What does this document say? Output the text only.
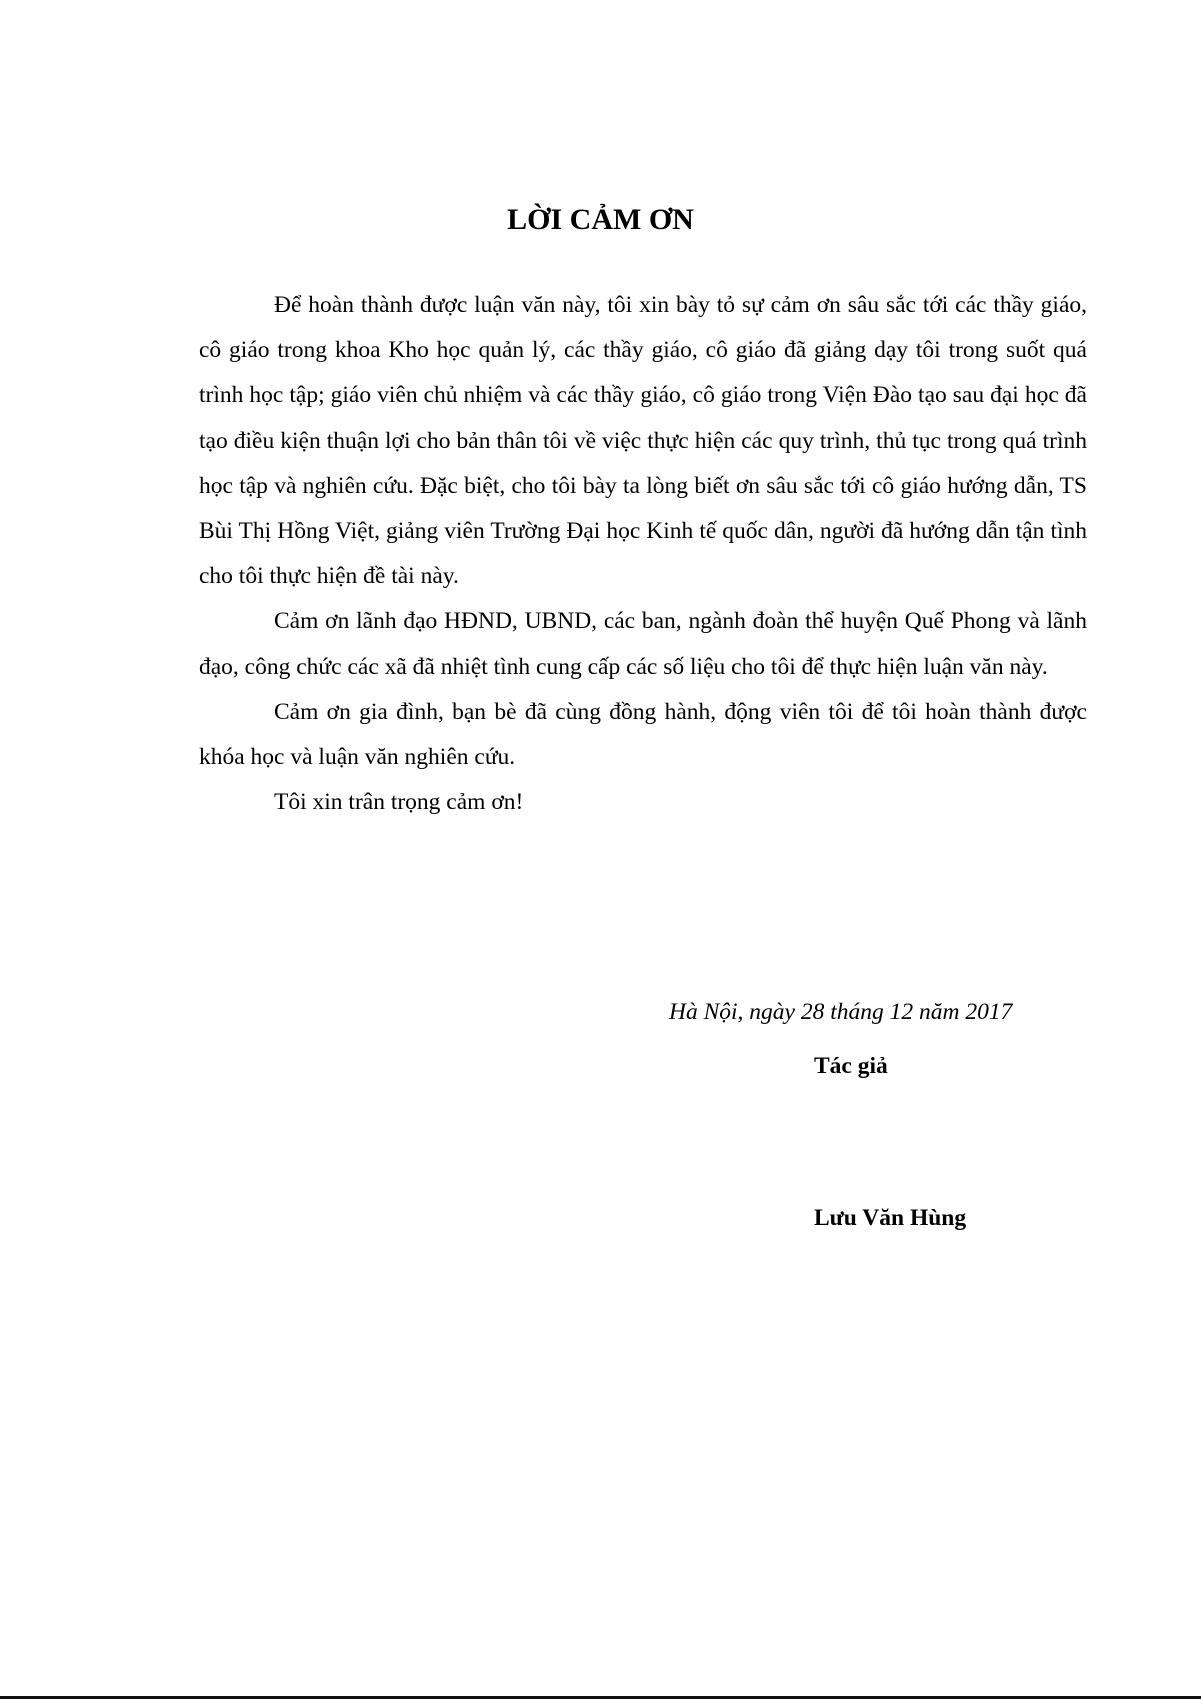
LỜI CẢM ƠN

Để hoàn thành được luận văn này, tôi xin bày tỏ sự cảm ơn sâu sắc tới các thầy giáo, cô giáo trong khoa Kho học quản lý, các thầy giáo, cô giáo đã giảng dạy tôi trong suốt quá trình học tập; giáo viên chủ nhiệm và các thầy giáo, cô giáo trong Viện Đào tạo sau đại học đã tạo điều kiện thuận lợi cho bản thân tôi về việc thực hiện các quy trình, thủ tục trong quá trình học tập và nghiên cứu. Đặc biệt, cho tôi bày ta lòng biết ơn sâu sắc tới cô giáo hướng dẫn, TS Bùi Thị Hồng Việt, giảng viên Trường Đại học Kinh tế quốc dân, người đã hướng dẫn tận tình cho tôi thực hiện đề tài này.

Cảm ơn lãnh đạo HĐND, UBND, các ban, ngành đoàn thể huyện Quế Phong và lãnh đạo, công chức các xã đã nhiệt tình cung cấp các số liệu cho tôi để thực hiện luận văn này.

Cảm ơn gia đình, bạn bè đã cùng đồng hành, động viên tôi để tôi hoàn thành được khóa học và luận văn nghiên cứu.

Tôi xin trân trọng cảm ơn!

Hà Nội, ngày 28 tháng 12 năm 2017
Tác giả
Lưu Văn Hùng
